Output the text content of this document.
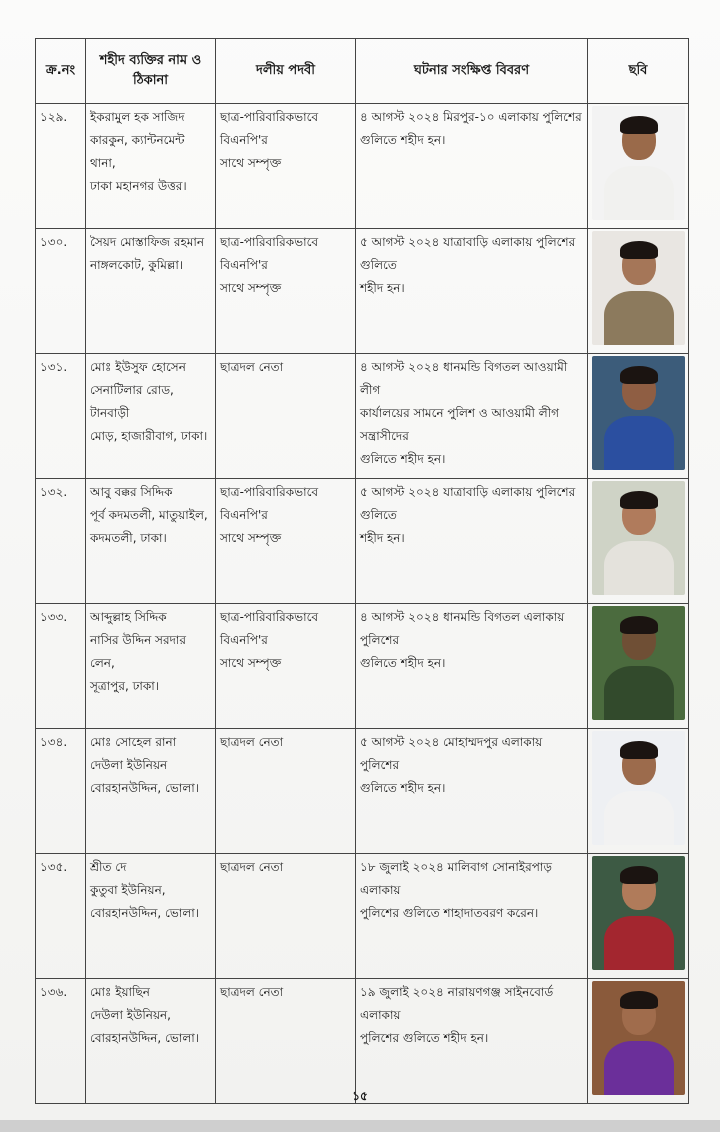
ক্র.নং	শহীদ ব্যক্তির নাম ও ঠিকানা	দলীয় পদবী	ঘটনার সংক্ষিপ্ত বিবরণ	ছবি
১২৯.	ইকরামুল হক সাজিদ
কারকুন, ক্যান্টনমেন্ট থানা,
ঢাকা মহানগর উত্তর।	ছাত্র-পারিবারিকভাবে বিএনপি'র
সাথে সম্পৃক্ত	৪ আগস্ট ২০২৪ মিরপুর-১০ এলাকায় পুলিশের
গুলিতে শহীদ হন।	

১৩০.	সৈয়দ মোস্তাফিজ রহমান
নাঙ্গলকোট, কুমিল্লা।	ছাত্র-পারিবারিকভাবে বিএনপি'র
সাথে সম্পৃক্ত	৫ আগস্ট ২০২৪ যাত্রাবাড়ি এলাকায় পুলিশের গুলিতে
শহীদ হন।	

১৩১.	মোঃ ইউসুফ হোসেন
সেনাটিলার রোড, টানবাড়ী
মোড়, হাজারীবাগ, ঢাকা।	ছাত্রদল নেতা	৪ আগস্ট ২০২৪ ধানমন্ডি বিগতল আওয়ামী লীগ
কার্যালয়ের সামনে পুলিশ ও আওয়ামী লীগ সন্ত্রাসীদের
গুলিতে শহীদ হন।	

১৩২.	আবু বক্কর সিদ্দিক
পূর্ব কদমতলী, মাতুয়াইল,
কদমতলী, ঢাকা।	ছাত্র-পারিবারিকভাবে বিএনপি'র
সাথে সম্পৃক্ত	৫ আগস্ট ২০২৪ যাত্রাবাড়ি এলাকায় পুলিশের গুলিতে
শহীদ হন।	

১৩৩.	আব্দুল্লাহ সিদ্দিক
নাসির উদ্দিন সরদার লেন,
সূত্রাপুর, ঢাকা।	ছাত্র-পারিবারিকভাবে বিএনপি'র
সাথে সম্পৃক্ত	৪ আগস্ট ২০২৪ ধানমন্ডি বিগতল এলাকায় পুলিশের
গুলিতে শহীদ হন।	

১৩৪.	মোঃ সোহেল রানা
দেউলা ইউনিয়ন
বোরহানউদ্দিন, ভোলা।	ছাত্রদল নেতা	৫ আগস্ট ২০২৪ মোহাম্মদপুর এলাকায় পুলিশের
গুলিতে শহীদ হন।	

১৩৫.	শ্রীত দে
কুতুবা ইউনিয়ন,
বোরহানউদ্দিন, ভোলা।	ছাত্রদল নেতা	১৮ জুলাই ২০২৪ মালিবাগ সোনাইরপাড় এলাকায়
পুলিশের গুলিতে শাহাদাতবরণ করেন।	

১৩৬.	মোঃ ইয়াছিন
দেউলা ইউনিয়ন,
বোরহানউদ্দিন, ভোলা।	ছাত্রদল নেতা	১৯ জুলাই ২০২৪ নারায়ণগঞ্জ সাইনবোর্ড এলাকায়
পুলিশের গুলিতে শহীদ হন।	
১৫
